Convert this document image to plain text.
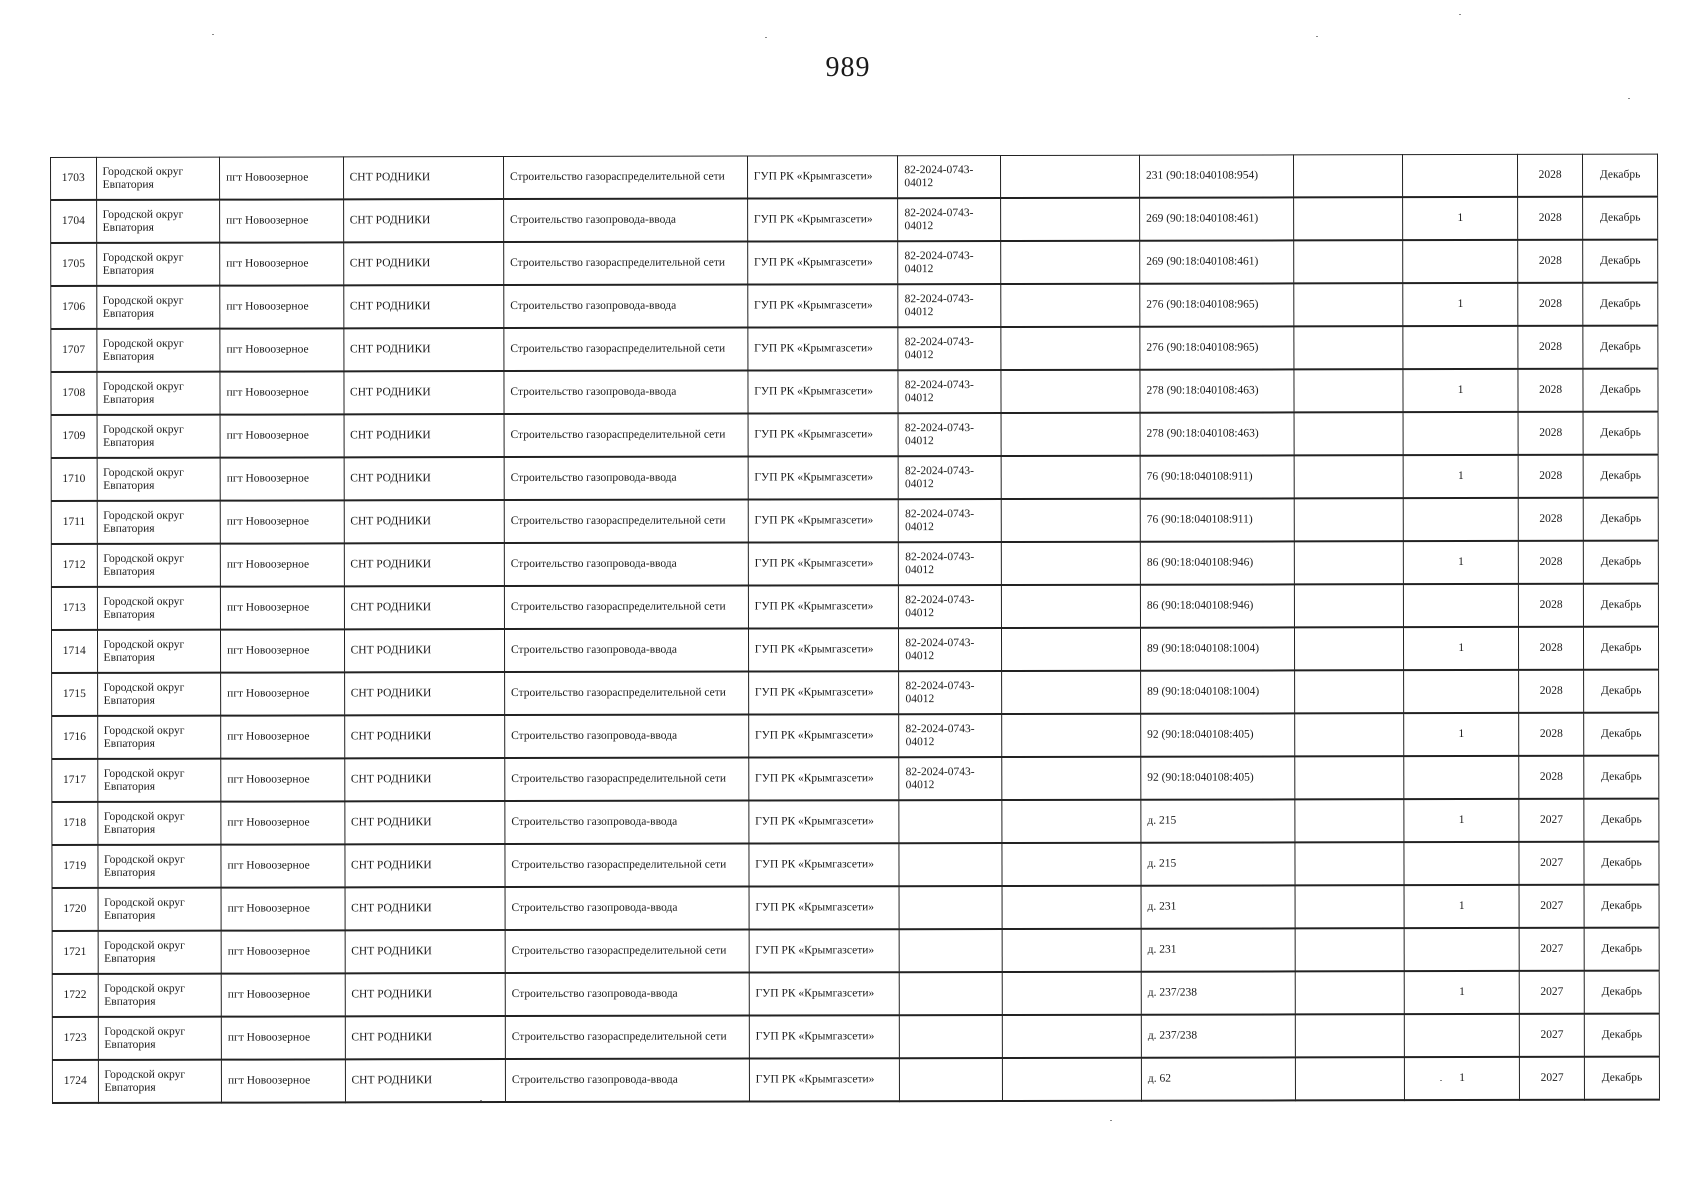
989
1703	Городской округ Евпатория	пгт Новоозерное	СНТ РОДНИКИ	Строительство газораспределительной сети	ГУП РК «Крымгазсети»	82-2024-0743-04012		231 (90:18:040108:954)			2028	Декабрь
1704	Городской округ Евпатория	пгт Новоозерное	СНТ РОДНИКИ	Строительство газопровода-ввода	ГУП РК «Крымгазсети»	82-2024-0743-04012		269 (90:18:040108:461)		1	2028	Декабрь
1705	Городской округ Евпатория	пгт Новоозерное	СНТ РОДНИКИ	Строительство газораспределительной сети	ГУП РК «Крымгазсети»	82-2024-0743-04012		269 (90:18:040108:461)			2028	Декабрь
1706	Городской округ Евпатория	пгт Новоозерное	СНТ РОДНИКИ	Строительство газопровода-ввода	ГУП РК «Крымгазсети»	82-2024-0743-04012		276 (90:18:040108:965)		1	2028	Декабрь
1707	Городской округ Евпатория	пгт Новоозерное	СНТ РОДНИКИ	Строительство газораспределительной сети	ГУП РК «Крымгазсети»	82-2024-0743-04012		276 (90:18:040108:965)			2028	Декабрь
1708	Городской округ Евпатория	пгт Новоозерное	СНТ РОДНИКИ	Строительство газопровода-ввода	ГУП РК «Крымгазсети»	82-2024-0743-04012		278 (90:18:040108:463)		1	2028	Декабрь
1709	Городской округ Евпатория	пгт Новоозерное	СНТ РОДНИКИ	Строительство газораспределительной сети	ГУП РК «Крымгазсети»	82-2024-0743-04012		278 (90:18:040108:463)			2028	Декабрь
1710	Городской округ Евпатория	пгт Новоозерное	СНТ РОДНИКИ	Строительство газопровода-ввода	ГУП РК «Крымгазсети»	82-2024-0743-04012		76 (90:18:040108:911)		1	2028	Декабрь
1711	Городской округ Евпатория	пгт Новоозерное	СНТ РОДНИКИ	Строительство газораспределительной сети	ГУП РК «Крымгазсети»	82-2024-0743-04012		76 (90:18:040108:911)			2028	Декабрь
1712	Городской округ Евпатория	пгт Новоозерное	СНТ РОДНИКИ	Строительство газопровода-ввода	ГУП РК «Крымгазсети»	82-2024-0743-04012		86 (90:18:040108:946)		1	2028	Декабрь
1713	Городской округ Евпатория	пгт Новоозерное	СНТ РОДНИКИ	Строительство газораспределительной сети	ГУП РК «Крымгазсети»	82-2024-0743-04012		86 (90:18:040108:946)			2028	Декабрь
1714	Городской округ Евпатория	пгт Новоозерное	СНТ РОДНИКИ	Строительство газопровода-ввода	ГУП РК «Крымгазсети»	82-2024-0743-04012		89 (90:18:040108:1004)		1	2028	Декабрь
1715	Городской округ Евпатория	пгт Новоозерное	СНТ РОДНИКИ	Строительство газораспределительной сети	ГУП РК «Крымгазсети»	82-2024-0743-04012		89 (90:18:040108:1004)			2028	Декабрь
1716	Городской округ Евпатория	пгт Новоозерное	СНТ РОДНИКИ	Строительство газопровода-ввода	ГУП РК «Крымгазсети»	82-2024-0743-04012		92 (90:18:040108:405)		1	2028	Декабрь
1717	Городской округ Евпатория	пгт Новоозерное	СНТ РОДНИКИ	Строительство газораспределительной сети	ГУП РК «Крымгазсети»	82-2024-0743-04012		92 (90:18:040108:405)			2028	Декабрь
1718	Городской округ Евпатория	пгт Новоозерное	СНТ РОДНИКИ	Строительство газопровода-ввода	ГУП РК «Крымгазсети»			д. 215		1	2027	Декабрь
1719	Городской округ Евпатория	пгт Новоозерное	СНТ РОДНИКИ	Строительство газораспределительной сети	ГУП РК «Крымгазсети»			д. 215			2027	Декабрь
1720	Городской округ Евпатория	пгт Новоозерное	СНТ РОДНИКИ	Строительство газопровода-ввода	ГУП РК «Крымгазсети»			д. 231		1	2027	Декабрь
1721	Городской округ Евпатория	пгт Новоозерное	СНТ РОДНИКИ	Строительство газораспределительной сети	ГУП РК «Крымгазсети»			д. 231			2027	Декабрь
1722	Городской округ Евпатория	пгт Новоозерное	СНТ РОДНИКИ	Строительство газопровода-ввода	ГУП РК «Крымгазсети»			д. 237/238		1	2027	Декабрь
1723	Городской округ Евпатория	пгт Новоозерное	СНТ РОДНИКИ	Строительство газораспределительной сети	ГУП РК «Крымгазсети»			д. 237/238			2027	Декабрь
1724	Городской округ Евпатория	пгт Новоозерное	СНТ РОДНИКИ	Строительство газопровода-ввода	ГУП РК «Крымгазсети»			д. 62		1	2027	Декабрь
